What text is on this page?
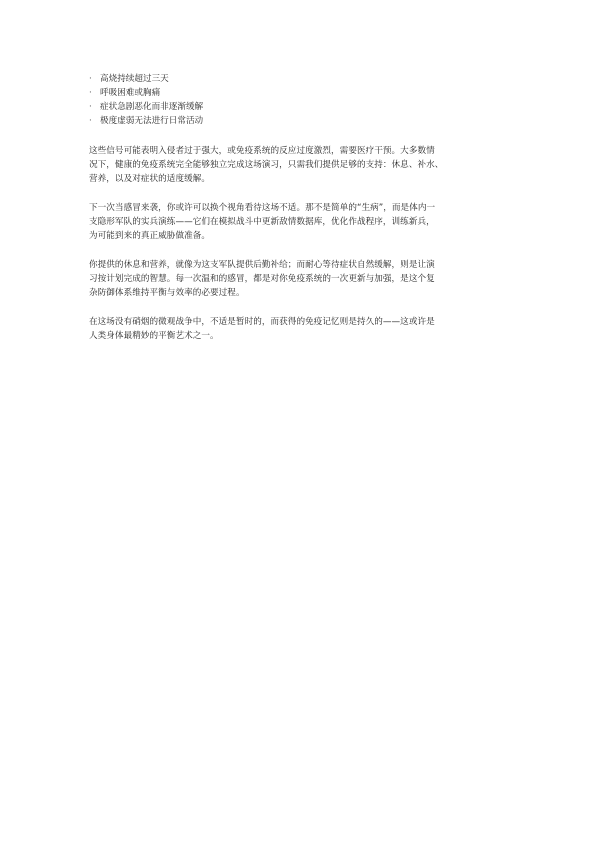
· 高烧持续超过三天
· 呼吸困难或胸痛
· 症状急剧恶化而非逐渐缓解
· 极度虚弱无法进行日常活动

这些信号可能表明入侵者过于强大，或免疫系统的反应过度激烈，需要医疗干预。大多数情
况下，健康的免疫系统完全能够独立完成这场演习，只需我们提供足够的支持：休息、补水、
营养，以及对症状的适度缓解。

下一次当感冒来袭，你或许可以换个视角看待这场不适。那不是简单的“生病”，而是体内一
支隐形军队的实兵演练——它们在模拟战斗中更新敌情数据库，优化作战程序，训练新兵，
为可能到来的真正威胁做准备。

你提供的休息和营养，就像为这支军队提供后勤补给；而耐心等待症状自然缓解，则是让演
习按计划完成的智慧。每一次温和的感冒，都是对你免疫系统的一次更新与加强，是这个复
杂防御体系维持平衡与效率的必要过程。

在这场没有硝烟的微观战争中，不适是暂时的，而获得的免疫记忆则是持久的——这或许是
人类身体最精妙的平衡艺术之一。
